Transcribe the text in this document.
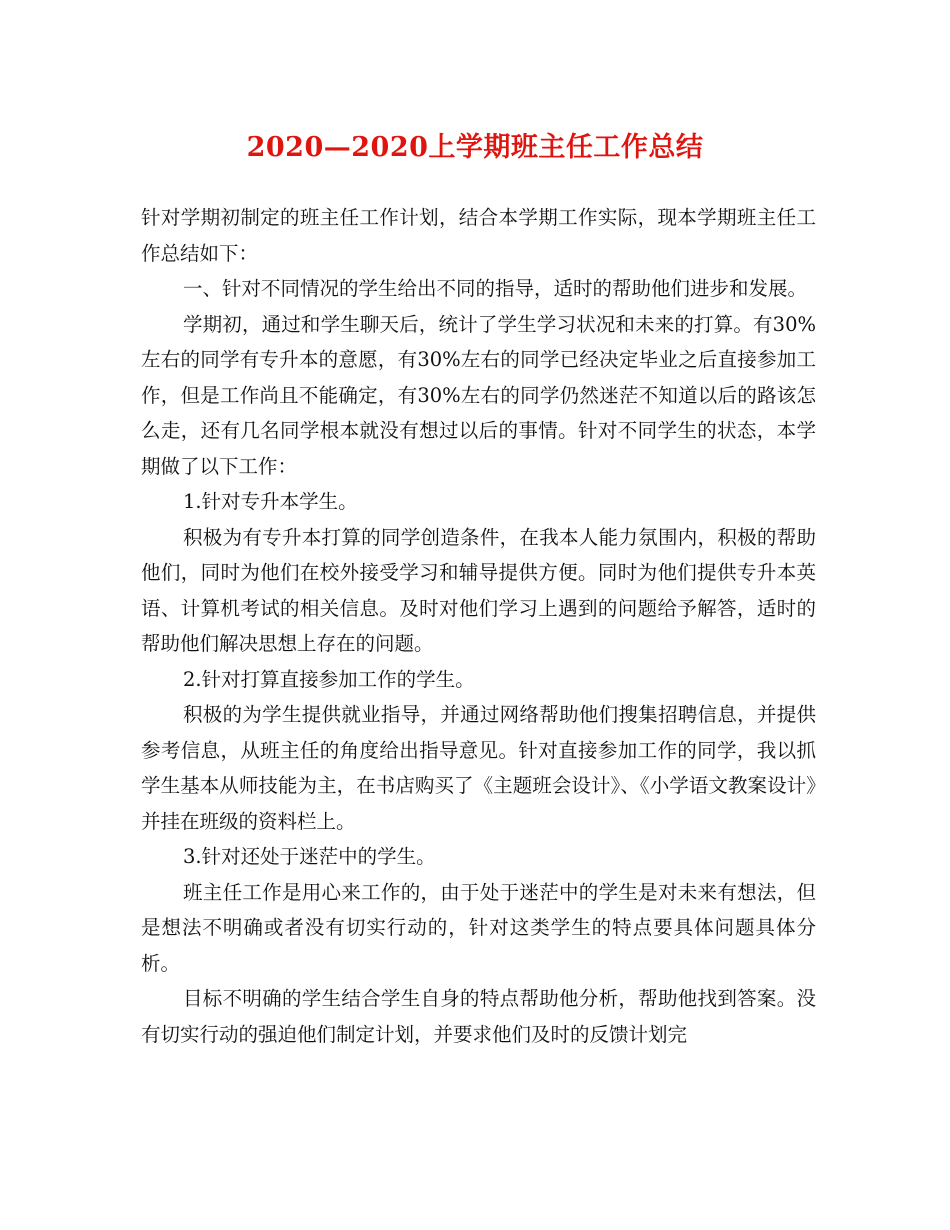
2020—2020上学期班主任工作总结

针对学期初制定的班主任工作计划，结合本学期工作实际，现本学期班主任工作总结如下：

一、针对不同情况的学生给出不同的指导，适时的帮助他们进步和发展。

学期初，通过和学生聊天后，统计了学生学习状况和未来的打算。有30%左右的同学有专升本的意愿，有30%左右的同学已经决定毕业之后直接参加工作，但是工作尚且不能确定，有30%左右的同学仍然迷茫不知道以后的路该怎么走，还有几名同学根本就没有想过以后的事情。针对不同学生的状态，本学期做了以下工作：

1.针对专升本学生。

积极为有专升本打算的同学创造条件，在我本人能力氛围内，积极的帮助他们，同时为他们在校外接受学习和辅导提供方便。同时为他们提供专升本英语、计算机考试的相关信息。及时对他们学习上遇到的问题给予解答，适时的帮助他们解决思想上存在的问题。

2.针对打算直接参加工作的学生。

积极的为学生提供就业指导，并通过网络帮助他们搜集招聘信息，并提供参考信息，从班主任的角度给出指导意见。针对直接参加工作的同学，我以抓学生基本从师技能为主，在书店购买了《主题班会设计》、《小学语文教案设计》并挂在班级的资料栏上。

3.针对还处于迷茫中的学生。

班主任工作是用心来工作的，由于处于迷茫中的学生是对未来有想法，但是想法不明确或者没有切实行动的，针对这类学生的特点要具体问题具体分析。

目标不明确的学生结合学生自身的特点帮助他分析，帮助他找到答案。没有切实行动的强迫他们制定计划，并要求他们及时的反馈计划完
